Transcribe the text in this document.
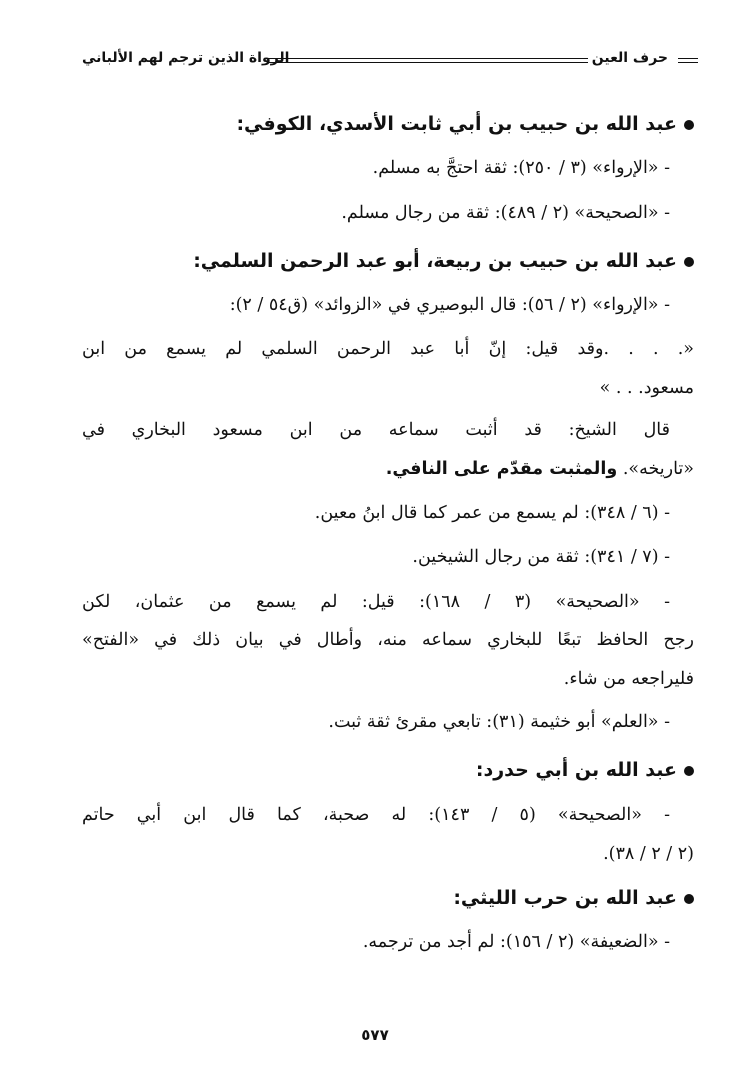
حرف العين
الرواة الذين ترجم لهم الألباني
عبد الله بن حبيب بن أبي ثابت الأسدي، الكوفي:
- «الإرواء» (٣ / ٢٥٠): ثقة احتجَّ به مسلم.
- «الصحيحة» (٢ / ٤٨٩): ثقة من رجال مسلم.
عبد الله بن حبيب بن ربيعة، أبو عبد الرحمن السلمي:
- «الإرواء» (٢ / ٥٦): قال البوصيري في «الزوائد» (ق٥٤ / ٢):
«. . . .وقد قيل: إنّ أبا عبد الرحمن السلمي لم يسمع من ابن
مسعود. . . »
قال الشيخ: قد أثبت سماعه من ابن مسعود البخاري في
«تاريخه». والمثبت مقدّم على النافي.
- (٦ / ٣٤٨): لم يسمع من عمر كما قال ابنُ معين.
- (٧ / ٣٤١): ثقة من رجال الشيخين.
- «الصحيحة» (٣ / ١٦٨): قيل: لم يسمع من عثمان، لكن
رجح الحافظ تبعًا للبخاري سماعه منه، وأطال في بيان ذلك في «الفتح»
فليراجعه من شاء.
- «العلم» أبو خثيمة (٣١): تابعي مقرئ ثقة ثبت.
عبد الله بن أبي حدرد:
- «الصحيحة» (٥ / ١٤٣): له صحبة، كما قال ابن أبي حاتم
(٢ / ٢ / ٣٨).
عبد الله بن حرب الليثي:
- «الضعيفة» (٢ / ١٥٦): لم أجد من ترجمه.
٥٧٧
